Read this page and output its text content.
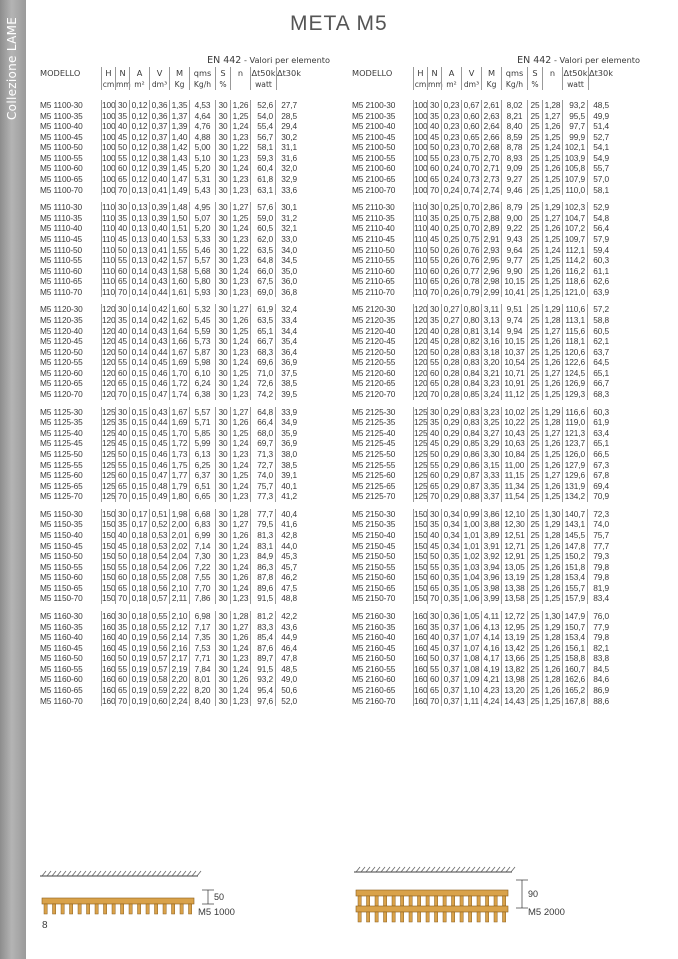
Collezione LAME	META M5
EN 442 - Valori per elemento
MODELLO	H N	A	V	M	qms	S	n	Δt50k Δt30k
cm mm m² dm³ Kg	Kg/h	%	watt
M5 1100-30	100 30 0,12 0,36 1,35 4,53 30 1,26	52,6 27,7
M5 1100-35	100 35 0,12 0,36 1,37 4,64 30 1,25	54,0 28,5
M5 1100-40	100 40 0,12 0,37 1,39 4,76 30 1,24	55,4 29,4
M5 1100-45	100 45 0,12 0,37 1,40 4,88 30 1,23	56,7 30,2
M5 1100-50	100 50 0,12 0,38 1,42 5,00 30 1,22	58,1 31,1
M5 1100-55	100 55 0,12 0,38 1,43 5,10 30 1,23	59,3 31,6
M5 1100-60	100 60 0,12 0,39 1,45 5,20 30 1,24	60,4 32,0
M5 1100-65	100 65 0,12 0,40 1,47 5,31 30 1,23	61,8 32,9
M5 1100-70	100 70 0,13 0,41 1,49 5,43 30 1,23	63,1 33,6
M5 1110-30	110 30 0,13 0,39 1,48 4,95 30 1,27	57,6 30,1
M5 1110-35	110 35 0,13 0,39 1,50 5,07 30 1,25	59,0 31,2
M5 1110-40	110 40 0,13 0,40 1,51 5,20 30 1,24	60,5 32,1
M5 1110-45	110 45 0,13 0,40 1,53 5,33 30 1,23	62,0 33,0
M5 1110-50	110 50 0,13 0,41 1,55 5,46 30 1,22	63,5 34,0
M5 1110-55	110 55 0,13 0,42 1,57 5,57 30 1,23	64,8 34,5
M5 1110-60	110 60 0,14 0,43 1,58 5,68 30 1,24	66,0 35,0
M5 1110-65	110 65 0,14 0,43 1,60 5,80 30 1,23	67,5 36,0
M5 1110-70	110 70 0,14 0,44 1,61 5,93 30 1,23	69,0 36,8
M5 1120-30	120 30 0,14 0,42 1,60 5,32 30 1,27	61,9 32,4
M5 1120-35	120 35 0,14 0,42 1,62 5,45 30 1,26	63,5 33,4
M5 1120-40	120 40 0,14 0,43 1,64 5,59 30 1,25	65,1 34,4
M5 1120-45	120 45 0,14 0,43 1,66 5,73 30 1,24	66,7 35,4
M5 1120-50	120 50 0,14 0,44 1,67 5,87 30 1,23	68,3 36,4
M5 1120-55	120 55 0,14 0,45 1,69 5,98 30 1,24	69,6 36,9
M5 1120-60	120 60 0,15 0,46 1,70 6,10 30 1,25	71,0 37,5
M5 1120-65	120 65 0,15 0,46 1,72 6,24 30 1,24	72,6 38,5
M5 1120-70	120 70 0,15 0,47 1,74 6,38 30 1,23	74,2 39,5
M5 1125-30	125 30 0,15 0,43 1,67 5,57 30 1,27	64,8 33,9
M5 1125-35	125 35 0,15 0,44 1,69 5,71 30 1,26	66,4 34,9
M5 1125-40	125 40 0,15 0,45 1,70 5,85 30 1,25	68,0 35,9
M5 1125-45	125 45 0,15 0,45 1,72 5,99 30 1,24	69,7 36,9
M5 1125-50	125 50 0,15 0,46 1,73 6,13 30 1,23	71,3 38,0
M5 1125-55	125 55 0,15 0,46 1,75 6,25 30 1,24	72,7 38,5
M5 1125-60	125 60 0,15 0,47 1,77 6,37 30 1,25	74,0 39,1
M5 1125-65	125 65 0,15 0,48 1,79 6,51 30 1,24	75,7 40,1
M5 1125-70	125 70 0,15 0,49 1,80 6,65 30 1,23	77,3 41,2
M5 1150-30	150 30 0,17 0,51 1,98 6,68 30 1,28	77,7 40,4
M5 1150-35	150 35 0,17 0,52 2,00 6,83 30 1,27	79,5 41,6
M5 1150-40	150 40 0,18 0,53 2,01 6,99 30 1,26	81,3 42,8
M5 1150-45	150 45 0,18 0,53 2,02 7,14 30 1,24	83,1 44,0
M5 1150-50	150 50 0,18 0,54 2,04 7,30 30 1,23	84,9 45,3
M5 1150-55	150 55 0,18 0,54 2,06 7,22 30 1,24	86,3 45,7
M5 1150-60	150 60 0,18 0,55 2,08 7,55 30 1,26	87,8 46,2
M5 1150-65	150 65 0,18 0,56 2,10 7,70 30 1,24	89,6 47,5
M5 1150-70	150 70 0,18 0,57 2,11 7,86 30 1,23	91,5 48,8
M5 1160-30	160 30 0,18 0,55 2,10 6,98 30 1,28	81,2 42,2
M5 1160-35	160 35 0,18 0,55 2,12 7,17 30 1,27	83,3 43,6
M5 1160-40	160 40 0,19 0,56 2,14 7,35 30 1,26	85,4 44,9
M5 1160-45	160 45 0,19 0,56 2,16 7,53 30 1,24	87,6 46,4
M5 1160-50	160 50 0,19 0,57 2,17 7,71 30 1,23	89,7 47,8
M5 1160-55	160 55 0,19 0,57 2,19 7,84 30 1,24	91,5 48,5
M5 1160-60	160 60 0,19 0,58 2,20 8,01 30 1,26	93,2 49,0
M5 1160-65	160 65 0,19 0,59 2,22 8,20 30 1,24	95,4 50,6
M5 1160-70	160 70 0,19 0,60 2,24 8,40 30 1,23	97,6 52,0
EN 442 - Valori per elemento
MODELLO	H N	A	V	M	qms	S	n	Δt50k Δt30k
cm mm m² dm³ Kg	Kg/h	%	watt
M5 2100-30	100 30 0,23 0,67 2,61 8,02 25 1,28	93,2 48,5
M5 2100-35	100 35 0,23 0,60 2,63 8,21 25 1,27	95,5 49,9
M5 2100-40	100 40 0,23 0,60 2,64 8,40 25 1,26	97,7 51,4
M5 2100-45	100 45 0,23 0,65 2,66 8,59 25 1,25	99,9 52,7
M5 2100-50	100 50 0,23 0,70 2,68 8,78 25 1,24 102,1 54,1
M5 2100-55	100 55 0,23 0,75 2,70 8,93 25 1,25 103,9 54,9
M5 2100-60	100 60 0,24 0,70 2,71 9,09 25 1,26 105,8 55,7
M5 2100-65	100 65 0,24 0,73 2,73 9,27 25 1,25 107,9 57,0
M5 2100-70	100 70 0,24 0,74 2,74 9,46 25 1,25 110,0 58,1
M5 2110-30	110 30 0,25 0,70 2,86 8,79 25 1,29 102,3 52,9
M5 2110-35	110 35 0,25 0,75 2,88 9,00 25 1,27 104,7 54,8
M5 2110-40	110 40 0,25 0,70 2,89 9,22 25 1,26 107,2 56,4
M5 2110-45	110 45 0,25 0,75 2,91 9,43 25 1,25 109,7 57,9
M5 2110-50	110 50 0,26 0,76 2,93 9,64 25 1,24 112,1 59,4
M5 2110-55	110 55 0,26 0,76 2,95 9,77 25 1,25 114,2 60,3
M5 2110-60	110 60 0,26 0,77 2,96 9,90 25 1,26 116,2 61,1
M5 2110-65	110 65 0,26 0,78 2,98 10,15 25 1,25 118,6 62,6
M5 2110-70	110 70 0,26 0,79 2,99 10,41 25 1,25 121,0 63,9
M5 2120-30	120 30 0,27 0,80 3,11 9,51 25 1,29 110,6 57,2
M5 2120-35	120 35 0,27 0,80 3,13 9,74 25 1,28 113,1 58,8
M5 2120-40	120 40 0,28 0,81 3,14 9,94 25 1,27 115,6 60,5
M5 2120-45	120 45 0,28 0,82 3,16 10,15 25 1,26 118,1 62,1
M5 2120-50	120 50 0,28 0,83 3,18 10,37 25 1,25 120,6 63,7
M5 2120-55	120 55 0,28 0,83 3,20 10,54 25 1,26 122,6 64,5
M5 2120-60	120 60 0,28 0,84 3,21 10,71 25 1,27 124,5 65,1
M5 2120-65	120 65 0,28 0,84 3,23 10,91 25 1,26 126,9 66,7
M5 2120-70	120 70 0,28 0,85 3,24 11,12 25 1,25 129,3 68,3
M5 2125-30	125 30 0,29 0,83 3,23 10,02 25 1,29 116,6 60,3
M5 2125-35	125 35 0,29 0,83 3,25 10,22 25 1,28 119,0 61,9
M5 2125-40	125 40 0,29 0,84 3,27 10,43 25 1,27 121,3 63,4
M5 2125-45	125 45 0,29 0,85 3,29 10,63 25 1,26 123,7 65,1
M5 2125-50	125 50 0,29 0,86 3,30 10,84 25 1,25 126,0 66,5
M5 2125-55	125 55 0,29 0,86 3,15 11,00 25 1,26 127,9 67,3
M5 2125-60	125 60 0,29 0,87 3,33 11,15 25 1,27 129,6 67,8
M5 2125-65	125 65 0,29 0,87 3,35 11,34 25 1,26 131,9 69,4
M5 2125-70	125 70 0,29 0,88 3,37 11,54 25 1,25 134,2 70,9
M5 2150-30	150 30 0,34 0,99 3,86 12,10 25 1,30 140,7 72,3
M5 2150-35	150 35 0,34 1,00 3,88 12,30 25 1,29 143,1 74,0
M5 2150-40	150 40 0,34 1,01 3,89 12,51 25 1,28 145,5 75,7
M5 2150-45	150 45 0,34 1,01 3,91 12,71 25 1,26 147,8 77,7
M5 2150-50	150 50 0,35 1,02 3,92 12,91 25 1,25 150,2 79,3
M5 2150-55	150 55 0,35 1,03 3,94 13,05 25 1,26 151,8 79,8
M5 2150-60	150 60 0,35 1,04 3,96 13,19 25 1,28 153,4 79,8
M5 2150-65	150 65 0,35 1,05 3,98 13,38 25 1,26 155,7 81,9
M5 2150-70	150 70 0,35 1,06 3,99 13,58 25 1,25 157,9 83,4
M5 2160-30	160 30 0,36 1,05 4,11 12,72 25 1,30 147,9 76,0
M5 2160-35	160 35 0,37 1,06 4,13 12,95 25 1,29 150,7 77,9
M5 2160-40	160 40 0,37 1,07 4,14 13,19 25 1,28 153,4 79,8
M5 2160-45	160 45 0,37 1,07 4,16 13,42 25 1,26 156,1 82,1
M5 2160-50	160 50 0,37 1,08 4,17 13,66 25 1,25 158,8 83,8
M5 2160-55	160 55 0,37 1,08 4,19 13,82 25 1,26 160,7 84,5
M5 2160-60	160 60 0,37 1,09 4,21 13,98 25 1,28 162,6 84,6
M5 2160-65	160 65 0,37 1,10 4,23 13,20 25 1,26 165,2 86,9
M5 2160-70	160 70 0,37 1,11 4,24 14,43 25 1,25 167,8 88,6
50
M5 1000
90
M5 2000
8
